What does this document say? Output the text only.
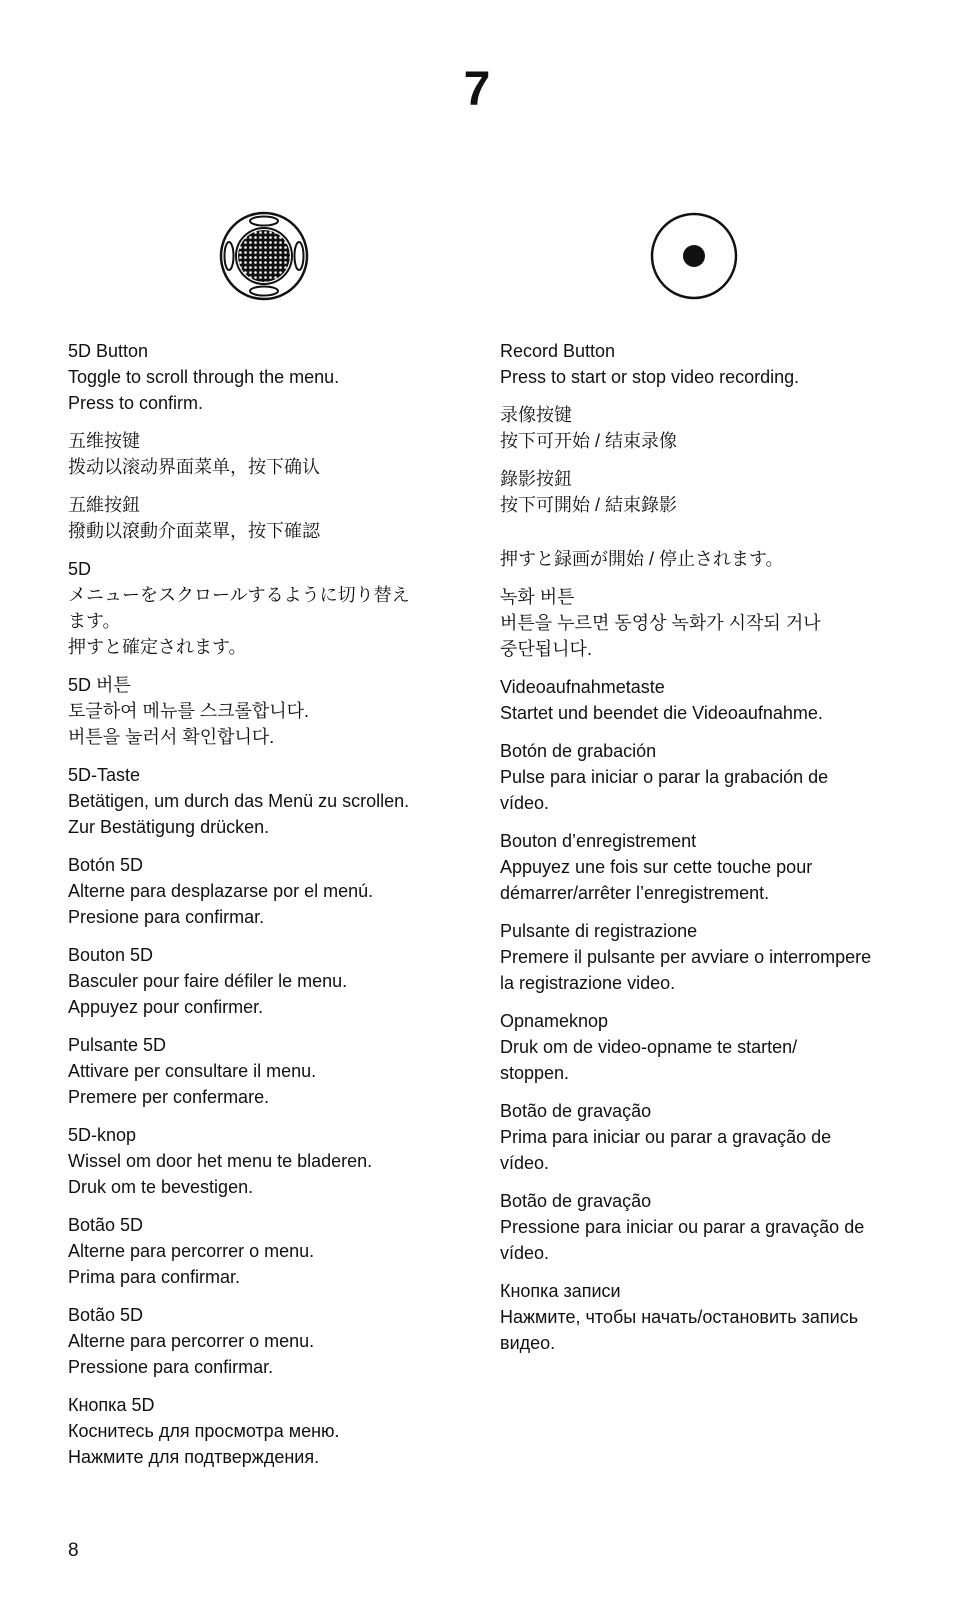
7
5D Button
Toggle to scroll through the menu.
Press to confirm.
五维按键
拨动以滚动界面菜单，按下确认
五維按鈕
撥動以滾動介面菜單，按下確認
5D
メニューをスクロールするように切り替え
ます。
押すと確定されます。
5D 버튼
토글하여 메뉴를 스크롤합니다.
버튼을 눌러서 확인합니다.
5D-Taste
Betätigen, um durch das Menü zu scrollen.
Zur Bestätigung drücken.
Botón 5D
Alterne para desplazarse por el menú.
Presione para confirmar.
Bouton 5D
Basculer pour faire défiler le menu.
Appuyez pour confirmer.
Pulsante 5D
Attivare per consultare il menu.
Premere per confermare.
5D-knop
Wissel om door het menu te bladeren.
Druk om te bevestigen.
Botão 5D
Alterne para percorrer o menu.
Prima para confirmar.
Botão 5D
Alterne para percorrer o menu.
Pressione para confirmar.
Кнопка 5D
Коснитесь для просмотра меню.
Нажмите для подтверждения.
Record Button
Press to start or stop video recording.
录像按键
按下可开始 / 结束录像
錄影按鈕
按下可開始 / 結束錄影
押すと録画が開始 / 停止されます。
녹화 버튼
버튼을 누르면 동영상 녹화가 시작되 거나
중단됩니다.
Videoaufnahmetaste
Startet und beendet die Videoaufnahme.
Botón de grabación
Pulse para iniciar o parar la grabación de
vídeo.
Bouton d’enregistrement
Appuyez une fois sur cette touche pour
démarrer/arrêter l’enregistrement.
Pulsante di registrazione
Premere il pulsante per avviare o interrompere
la registrazione video.
Opnameknop
Druk om de video-opname te starten/
stoppen.
Botão de gravação
Prima para iniciar ou parar a gravação de
vídeo.
Botão de gravação
Pressione para iniciar ou parar a gravação de
vídeo.
Кнопка записи
Нажмите, чтобы начать/остановить запись
видео.
8
